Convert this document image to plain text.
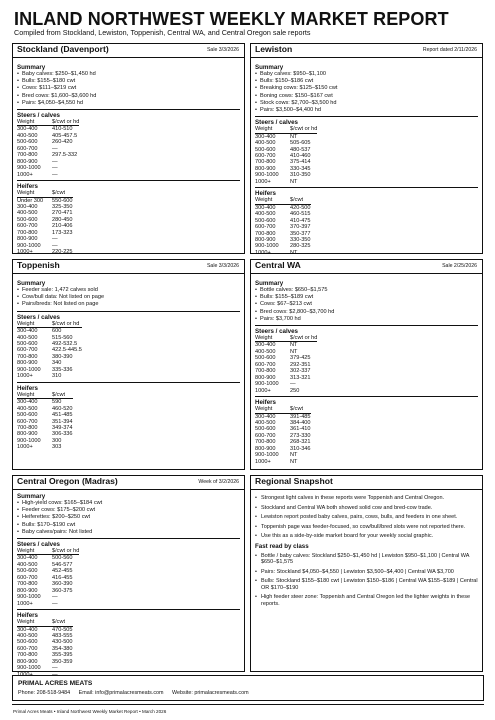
INLAND NORTHWEST WEEKLY MARKET REPORT
Compiled from Stockland, Lewiston, Toppenish, Central WA, and Central Oregon sale reports
Stockland (Davenport)	Sale 3/3/2026
Summary
• Baby calves: $250–$1,450 hd
• Bulls: $155–$180 cwt
• Cows: $111–$219 cwt
• Bred cows: $1,600–$3,600 hd
• Pairs: $4,050–$4,550 hd
Steers / calves
Weight	$/cwt or hd
300-400	410-510
400-500	405-457.5
500-600	260-420
600-700	—
700-800	297.5-332
800-900	—
900-1000	—
1000+	—
Heifers
Weight	$/cwt
Under 300	550-600
300-400	325-350
400-500	270-471
500-600	280-450
600-700	210-406
700-800	173-323
800-900	—
900-1000	—
1000+	220-225
Lewiston	Report dated 2/11/2026
Summary
• Baby calves: $950–$1,100
• Bulls: $150–$186 cwt
• Breaking cows: $125–$150 cwt
• Boning cows: $150–$167 cwt
• Stock cows: $2,700–$3,500 hd
• Pairs: $3,500–$4,400 hd
Steers / calves
Weight	$/cwt or hd
300-400	NT
400-500	505-605
500-600	480-537
600-700	410-460
700-800	375-414
800-900	330-345
900-1000	310-350
1000+	NT
Heifers
Weight	$/cwt
300-400	420-500
400-500	460-515
500-600	410-475
600-700	370-397
700-800	350-377
800-900	330-350
900-1000	280-325
1000+	NT
Toppenish	Sale 3/3/2026
Summary
• Feeder sale: 1,472 calves sold
• Cow/bull data: Not listed on page
• Pairs/breds: Not listed on page
Steers / calves
Weight	$/cwt or hd
300-400	600
400-500	515-560
500-600	492-532.5
600-700	422.5-445.5
700-800	380-390
800-900	340
900-1000	335-336
1000+	310
Heifers
Weight	$/cwt
300-400	590
400-500	460-520
500-600	451-485
600-700	351-394
700-800	349-374
800-900	306-336
900-1000	300
1000+	303
Central WA	Sale 2/25/2026
Summary
• Bottle calves: $650–$1,575
• Bulls: $155–$189 cwt
• Cows: $67–$213 cwt
• Bred cows: $2,800–$3,700 hd
• Pairs: $3,700 hd
Steers / calves
Weight	$/cwt or hd
300-400	NT
400-500	NT
500-600	379-425
600-700	292-351
700-800	302-337
800-900	313-321
900-1000	—
1000+	250
Heifers
Weight	$/cwt
300-400	391-485
400-500	384-400
500-600	361-410
600-700	273-330
700-800	268-321
800-900	310-346
900-1000	NT
1000+	NT
Central Oregon (Madras)	Week of 3/2/2026
Summary
• High-yield cows: $165–$184 cwt
• Feeder cows: $175–$200 cwt
• Heiferettes: $200–$250 cwt
• Bulls: $170–$190 cwt
• Baby calves/pairs: Not listed
Steers / calves
Weight	$/cwt or hd
300-400	500-560
400-500	546-577
500-600	452-455
600-700	416-455
700-800	360-390
800-900	360-375
900-1000	—
1000+	—
Heifers
Weight	$/cwt
300-400	470-505
400-500	483-555
500-600	430-500
600-700	354-380
700-800	355-395
800-900	350-359
900-1000	—
1000+	—
Regional Snapshot
• Strongest light calves in these reports were Toppenish and Central Oregon.
• Stockland and Central WA both showed solid cow and bred-cow trade.
• Lewiston report posted baby calves, pairs, cows, bulls, and feeders in one sheet.
• Toppenish page was feeder-focused, so cow/bull/bred slots were not reported there.
• Use this as a side-by-side market board for your weekly social graphic.
Fast read by class
• Bottle / baby calves: Stockland $250–$1,450 hd | Lewiston $950–$1,100 | Central WA $650–$1,575
• Pairs: Stockland $4,050–$4,550 | Lewiston $3,500–$4,400 | Central WA $3,700
• Bulls: Stockland $155–$180 cwt | Lewiston $150–$186 | Central WA $155–$189 | Central OR $170–$190
• High feeder steer zone: Toppenish and Central Oregon led the lighter weights in these reports.
PRIMAL ACRES MEATS
Phone: 208-518-9484 Email: info@primalacresmeats.com Website: primalacresmeats.com
Primal Acres Meats • Inland Northwest Weekly Market Report • March 2026
